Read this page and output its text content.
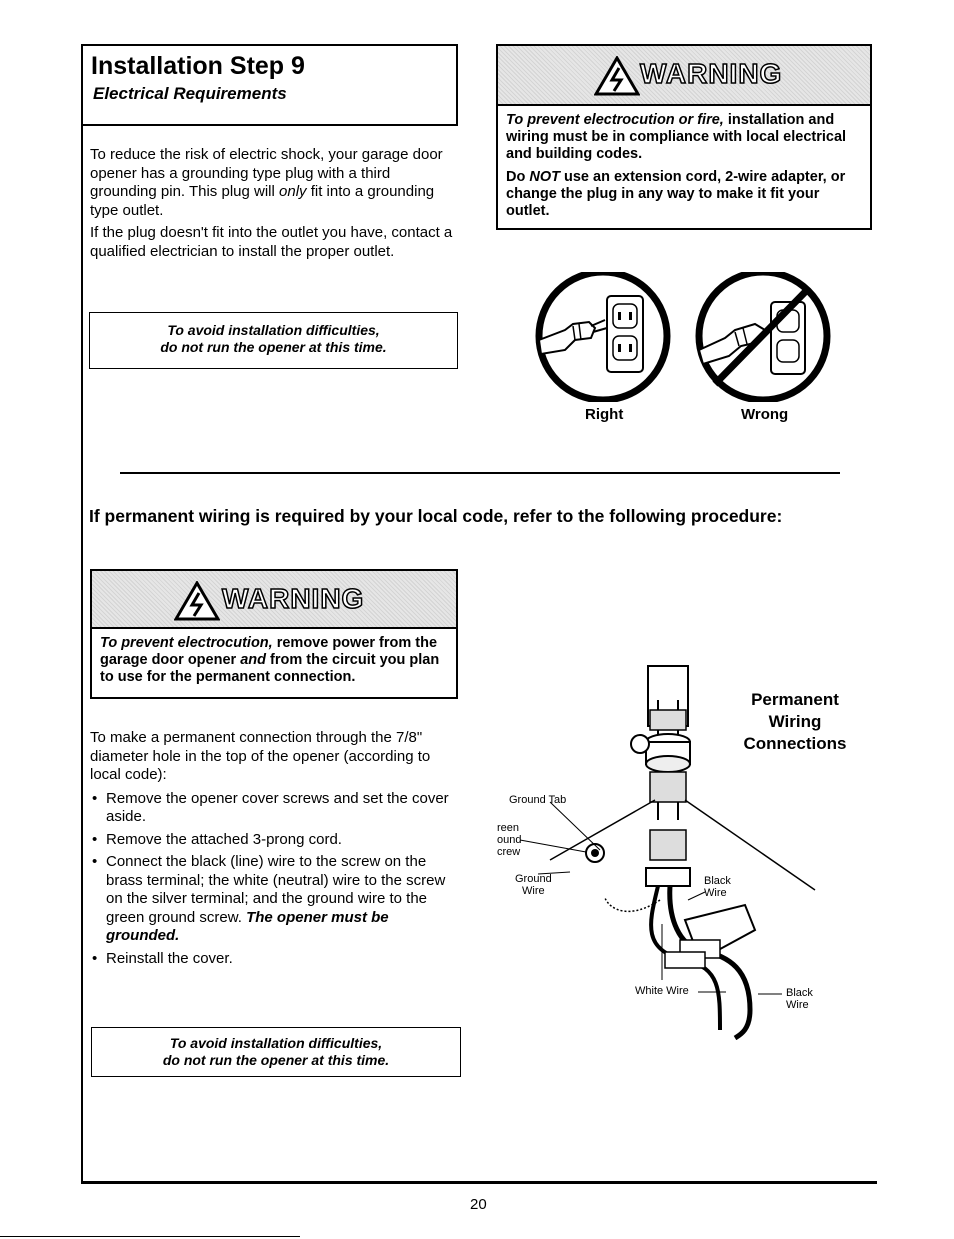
Installation Step 9
Electrical Requirements
WARNING

To prevent electrocution or fire, installation and wiring must be in compliance with local electrical and building codes.

Do NOT use an extension cord, 2-wire adapter, or change the plug in any way to make it fit your outlet.

To reduce the risk of electric shock, your garage door opener has a grounding type plug with a third grounding pin. This plug will only fit into a grounding type outlet.

If the plug doesn't fit into the outlet you have, contact a qualified electrician to install the proper outlet.

To avoid installation difficulties,
do not run the opener at this time.
Right	Wrong
If permanent wiring is required by your local code, refer to the following procedure:
WARNING
To prevent electrocution, remove power from the garage door opener and from the circuit you plan to use for the permanent connection.

To make a permanent connection through the 7/8" diameter hole in the top of the opener (according to local code):

• Remove the opener cover screws and set the cover aside.
• Remove the attached 3-prong cord.
• Connect the black (line) wire to the screw on the brass terminal; the white (neutral) wire to the screw on the silver terminal; and the ground wire to the green ground screw. The opener must be grounded.
• Reinstall the cover.
To avoid installation difficulties,
do not run the opener at this time.
Permanent
Wiring
Connections
Ground Tab
reen
ound
crew
Ground
Wire
Black
Wire
White Wire	Black
Wire
20
